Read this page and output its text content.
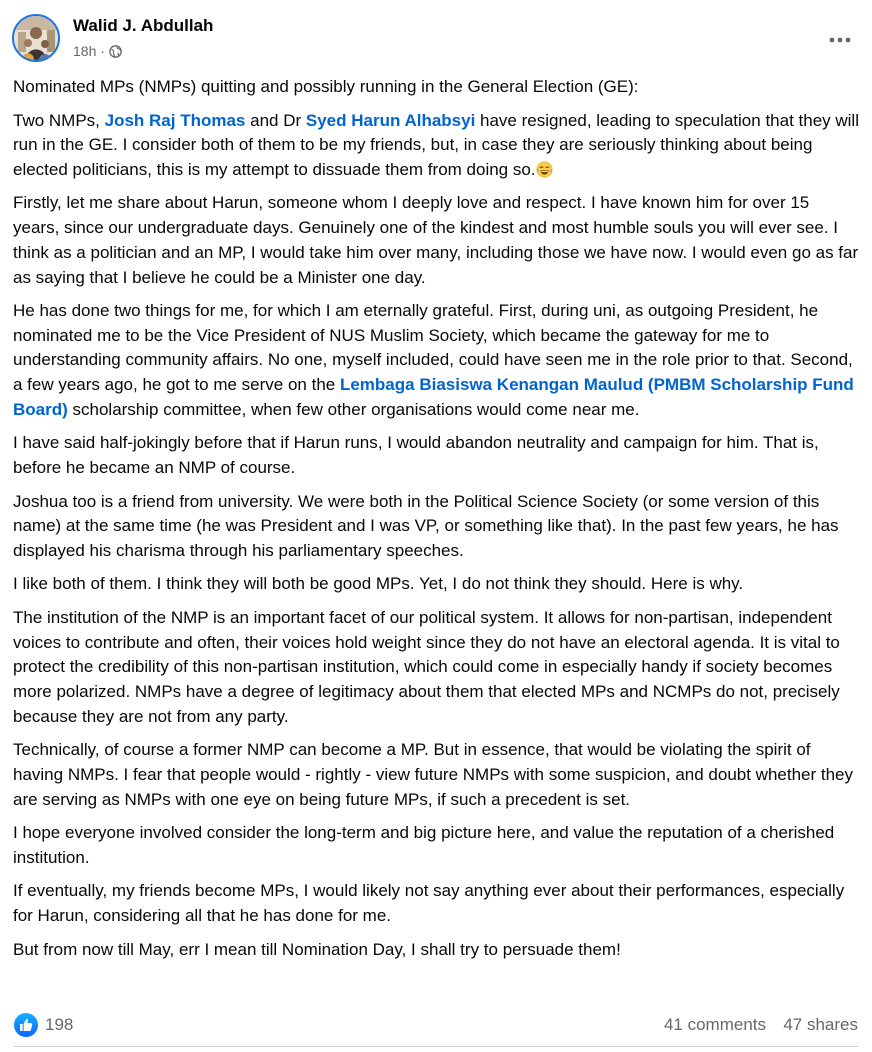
Walid J. Abdullah
18h ·

Nominated MPs (NMPs) quitting and possibly running in the General Election (GE):

Two NMPs, Josh Raj Thomas and Dr Syed Harun Alhabsyi have resigned, leading to speculation that they will run in the GE. I consider both of them to be my friends, but, in case they are seriously thinking about being elected politicians, this is my attempt to dissuade them from doing so.

Firstly, let me share about Harun, someone whom I deeply love and respect. I have known him for over 15 years, since our undergraduate days. Genuinely one of the kindest and most humble souls you will ever see. I think as a politician and an MP, I would take him over many, including those we have now. I would even go as far as saying that I believe he could be a Minister one day.

He has done two things for me, for which I am eternally grateful. First, during uni, as outgoing President, he nominated me to be the Vice President of NUS Muslim Society, which became the gateway for me to understanding community affairs. No one, myself included, could have seen me in the role prior to that. Second, a few years ago, he got to me serve on the Lembaga Biasiswa Kenangan Maulud (PMBM Scholarship Fund Board) scholarship committee, when few other organisations would come near me.

I have said half-jokingly before that if Harun runs, I would abandon neutrality and campaign for him. That is, before he became an NMP of course.

Joshua too is a friend from university. We were both in the Political Science Society (or some version of this name) at the same time (he was President and I was VP, or something like that). In the past few years, he has displayed his charisma through his parliamentary speeches.

I like both of them. I think they will both be good MPs. Yet, I do not think they should. Here is why.

The institution of the NMP is an important facet of our political system. It allows for non-partisan, independent voices to contribute and often, their voices hold weight since they do not have an electoral agenda. It is vital to protect the credibility of this non-partisan institution, which could come in especially handy if society becomes more polarized. NMPs have a degree of legitimacy about them that elected MPs and NCMPs do not, precisely because they are not from any party.

Technically, of course a former NMP can become a MP. But in essence, that would be violating the spirit of having NMPs. I fear that people would - rightly - view future NMPs with some suspicion, and doubt whether they are serving as NMPs with one eye on being future MPs, if such a precedent is set.

I hope everyone involved consider the long-term and big picture here, and value the reputation of a cherished institution.

If eventually, my friends become MPs, I would likely not say anything ever about their performances, especially for Harun, considering all that he has done for me.

But from now till May, err I mean till Nomination Day, I shall try to persuade them!

198	41 comments 47 shares
